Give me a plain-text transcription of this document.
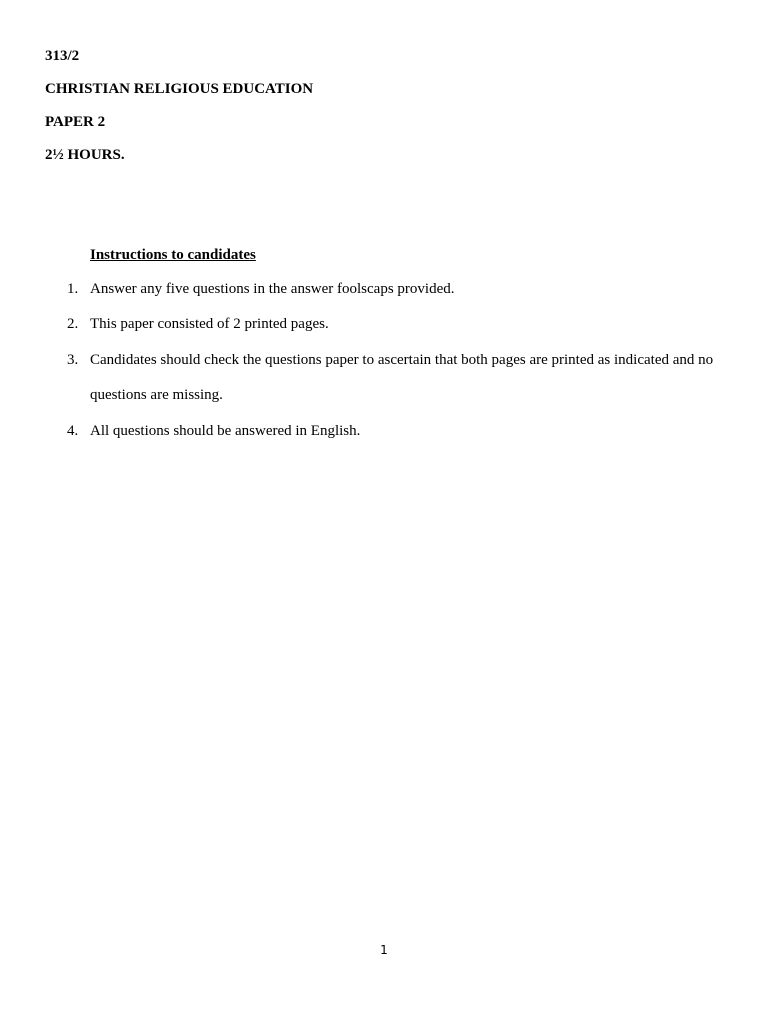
313/2

CHRISTIAN RELIGIOUS EDUCATION

PAPER 2

2½ HOURS.

Instructions to candidates

1. Answer any five questions in the answer foolscaps provided.
2. This paper consisted of 2 printed pages.
3. Candidates should check the questions paper to ascertain that both pages are printed as indicated and no questions are missing.
4. All questions should be answered in English.
1
